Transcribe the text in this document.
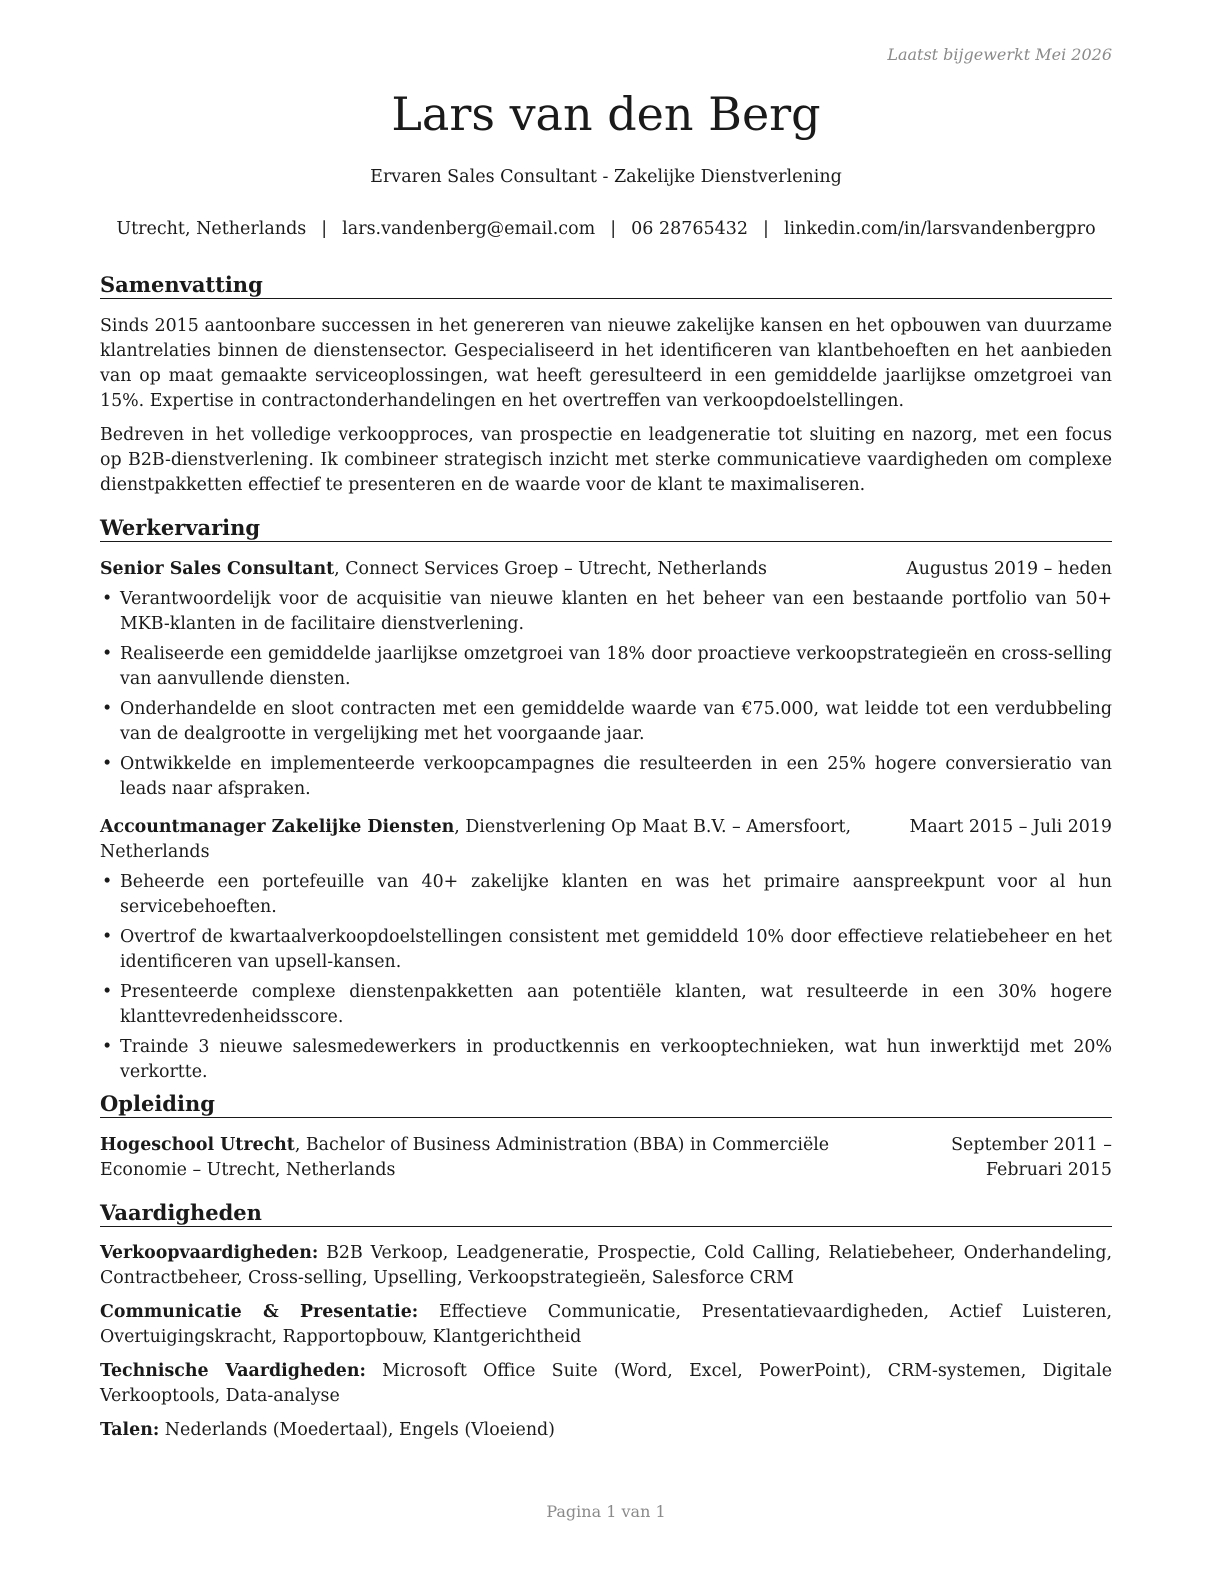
Laatst bijgewerkt Mei 2026
Lars van den Berg
Ervaren Sales Consultant - Zakelijke Dienstverlening
Utrecht, Netherlands | lars.vandenberg@email.com | 06 28765432 | linkedin.com/in/larsvandenbergpro
Samenvatting

Sinds 2015 aantoonbare successen in het genereren van nieuwe zakelijke kansen en het opbouwen van duurzame klantrelaties binnen de dienstensector. Gespecialiseerd in het identificeren van klantbehoeften en het aanbieden van op maat gemaakte serviceoplossingen, wat heeft geresulteerd in een gemiddelde jaarlijkse omzetgroei van 15%. Expertise in contractonderhandelingen en het overtreffen van verkoopdoelstellingen.

Bedreven in het volledige verkoopproces, van prospectie en leadgeneratie tot sluiting en nazorg, met een focus op B2B-dienstverlening. Ik combineer strategisch inzicht met sterke communicatieve vaardigheden om complexe dienstpakketten effectief te presenteren en de waarde voor de klant te maximaliseren.

Werkervaring
Senior Sales Consultant, Connect Services Groep – Utrecht, Netherlands	Augustus 2019 – heden
• Verantwoordelijk voor de acquisitie van nieuwe klanten en het beheer van een bestaande portfolio van 50+ MKB-klanten in de facilitaire dienstverlening.
• Realiseerde een gemiddelde jaarlijkse omzetgroei van 18% door proactieve verkoopstrategieën en cross-selling van aanvullende diensten.
• Onderhandelde en sloot contracten met een gemiddelde waarde van €75.000, wat leidde tot een verdubbeling van de dealgrootte in vergelijking met het voorgaande jaar.
• Ontwikkelde en implementeerde verkoopcampagnes die resulteerden in een 25% hogere conversieratio van leads naar afspraken.
Accountmanager Zakelijke Diensten, Dienstverlening Op Maat B.V. – Amersfoort, Netherlands
Maart 2015 – Juli 2019
• Beheerde een portefeuille van 40+ zakelijke klanten en was het primaire aanspreekpunt voor al hun servicebehoeften.
• Overtrof de kwartaalverkoopdoelstellingen consistent met gemiddeld 10% door effectieve relatiebeheer en het identificeren van upsell-kansen.
• Presenteerde complexe dienstenpakketten aan potentiële klanten, wat resulteerde in een 30% hogere klanttevredenheidsscore.
• Trainde 3 nieuwe salesmedewerkers in productkennis en verkooptechnieken, wat hun inwerktijd met 20% verkortte.
Opleiding
Hogeschool Utrecht, Bachelor of Business Administration (BBA) in Commerciële Economie – Utrecht, Netherlands
September 2011 – Februari 2015
Vaardigheden

Verkoopvaardigheden: B2B Verkoop, Leadgeneratie, Prospectie, Cold Calling, Relatiebeheer, Onderhandeling, Contractbeheer, Cross-selling, Upselling, Verkoopstrategieën, Salesforce CRM

Communicatie & Presentatie: Effectieve Communicatie, Presentatievaardigheden, Actief Luisteren, Overtuigingskracht, Rapportopbouw, Klantgerichtheid

Technische Vaardigheden: Microsoft Office Suite (Word, Excel, PowerPoint), CRM-systemen, Digitale Verkooptools, Data-analyse

Talen: Nederlands (Moedertaal), Engels (Vloeiend)

Pagina 1 van 1
